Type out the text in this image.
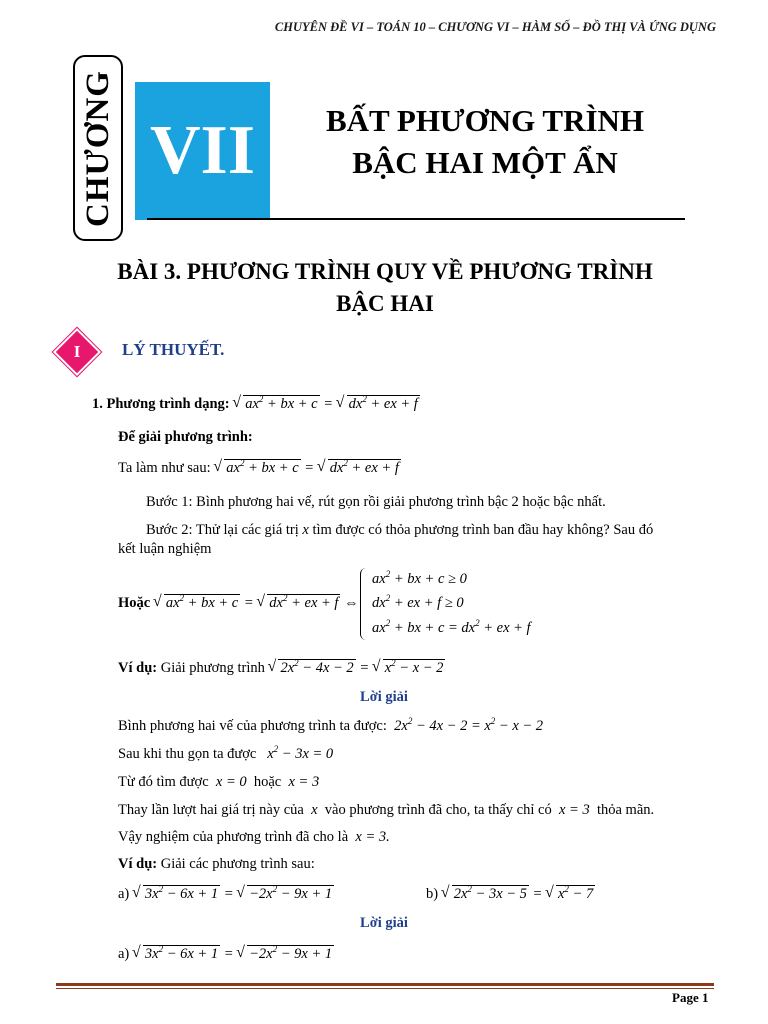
CHUYÊN ĐỀ VI – TOÁN 10 – CHƯƠNG VI – HÀM SỐ – ĐỒ THỊ VÀ ỨNG DỤNG
CHƯƠNG VII	BẤT PHƯƠNG TRÌNH
BẬC HAI MỘT ẨN
BÀI 3. PHƯƠNG TRÌNH QUY VỀ PHƯƠNG TRÌNH
BẬC HAI
I	LÝ THUYẾT.
1. Phương trình dạng: √ $ax^2$ + bx + c = √ $dx^2$ + ex + f
Để giải phương trình:
Ta làm như sau: √ $ax^2$ + bx + c = √ $dx^2$ + ex + f
Bước 1: Bình phương hai vế, rút gọn rồi giải phương trình bậc 2 hoặc bậc nhất.
Bước 2: Thử lại các giá trị x tìm được có thỏa phương trình ban đầu hay không? Sau đó
kết luận nghiệm
Hoặc √ $ax^2$ + bx + c = √ $dx^2$ + ex + f ⇔
$ax^2$ + bx + c ≥ 0
$dx^2$ + ex + f ≥ 0
$ax^2$ + bx + $c = dx^2$ + ex + f
Ví dụ: Giải phương trình √ $2x^2 - 4x - 2$ = √ $x^2 - x - 2$
Lời giải
Bình phương hai vế của phương trình ta được:  $2x^2 - 4x - 2 = x^2 - x - 2$
Sau khi thu gọn ta được   $x^2 - 3x = 0$
Từ đó tìm được  x = 0  hoặc  x = 3
Thay lần lượt hai giá trị này của  x  vào phương trình đã cho, ta thấy chỉ có  x = 3  thỏa mãn.
Vậy nghiệm của phương trình đã cho là  x = 3.
Ví dụ: Giải các phương trình sau:
a) √ $3x^2 - 6x + 1$ = √ $-2x^2 - 9x + 1$	b) √ $2x^2 - 3x - 5$ = √ $x^2 - 7$
Lời giải
a) √ $3x^2 - 6x + 1$ = √ $-2x^2 - 9x + 1$
Page 1
